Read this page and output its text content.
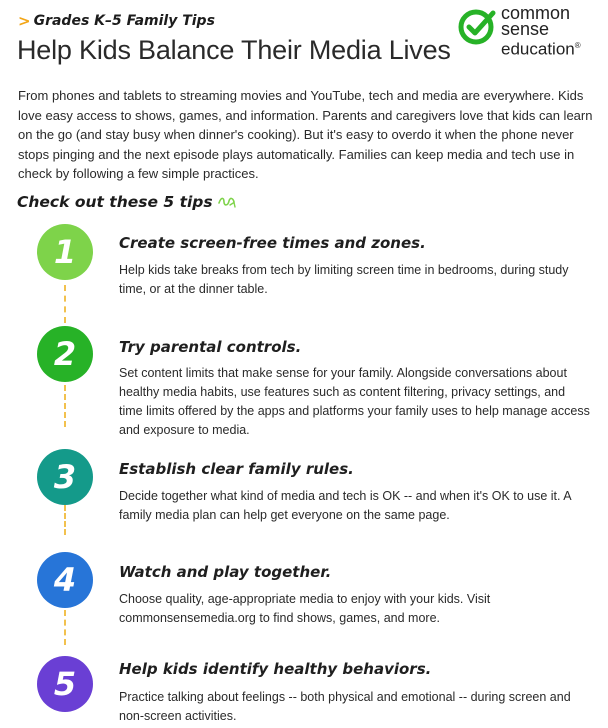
> Grades K–5 Family Tips
Help Kids Balance Their Media Lives
common
sense
education®

From phones and tablets to streaming movies and YouTube, tech and media are everywhere. Kids love easy access to shows, games, and information. Parents and caregivers love that kids can learn on the go (and stay busy when dinner's cooking). But it's easy to overdo it when the phone never stops pinging and the next episode plays automatically. Families can keep media and tech use in check by following a few simple practices.

Check out these 5 tips
1	Create screen-free times and zones.

Help kids take breaks from tech by limiting screen time in bedrooms, during study time, or at the dinner table.

2	Try parental controls.

Set content limits that make sense for your family. Alongside conversations about healthy media habits, use features such as content filtering, privacy settings, and time limits offered by the apps and platforms your family uses to help manage access and exposure to media.

3	Establish clear family rules.

Decide together what kind of media and tech is OK -- and when it's OK to use it. A family media plan can help get everyone on the same page.

4	Watch and play together.

Choose quality, age-appropriate media to enjoy with your kids. Visit commonsensemedia.org to find shows, games, and more.

5	Help kids identify healthy behaviors.

Practice talking about feelings -- both physical and emotional -- during screen and non-screen activities.
